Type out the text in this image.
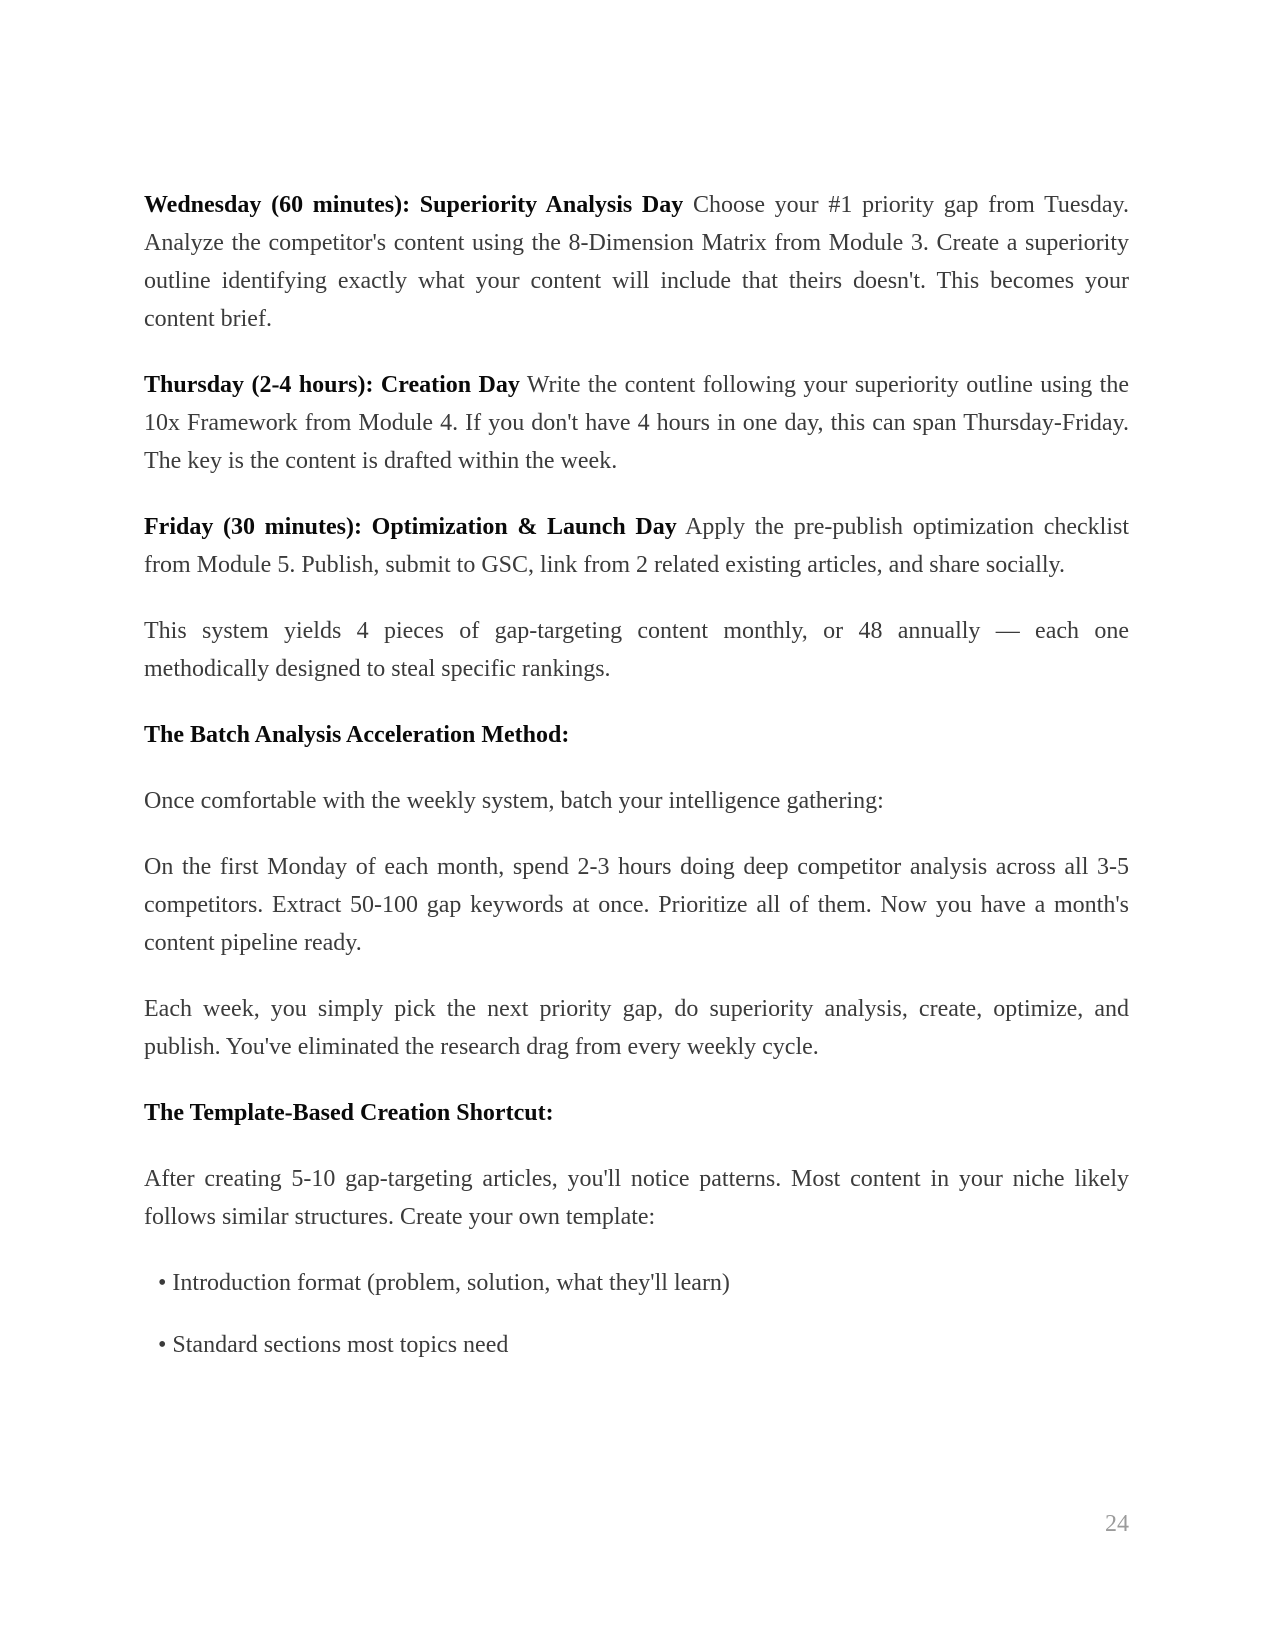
Wednesday (60 minutes): Superiority Analysis Day Choose your #1 priority gap from Tuesday. Analyze the competitor's content using the 8-Dimension Matrix from Module 3. Create a superiority outline identifying exactly what your content will include that theirs doesn't. This becomes your content brief.

Thursday (2-4 hours): Creation Day Write the content following your superiority outline using the 10x Framework from Module 4. If you don't have 4 hours in one day, this can span Thursday-Friday. The key is the content is drafted within the week.

Friday (30 minutes): Optimization & Launch Day Apply the pre-publish optimization checklist from Module 5. Publish, submit to GSC, link from 2 related existing articles, and share socially.

This system yields 4 pieces of gap-targeting content monthly, or 48 annually — each one methodically designed to steal specific rankings.

The Batch Analysis Acceleration Method:

Once comfortable with the weekly system, batch your intelligence gathering:

On the first Monday of each month, spend 2-3 hours doing deep competitor analysis across all 3-5 competitors. Extract 50-100 gap keywords at once. Prioritize all of them. Now you have a month's content pipeline ready.

Each week, you simply pick the next priority gap, do superiority analysis, create, optimize, and publish. You've eliminated the research drag from every weekly cycle.

The Template-Based Creation Shortcut:

After creating 5-10 gap-targeting articles, you'll notice patterns. Most content in your niche likely follows similar structures. Create your own template:

• Introduction format (problem, solution, what they'll learn)

• Standard sections most topics need

24
